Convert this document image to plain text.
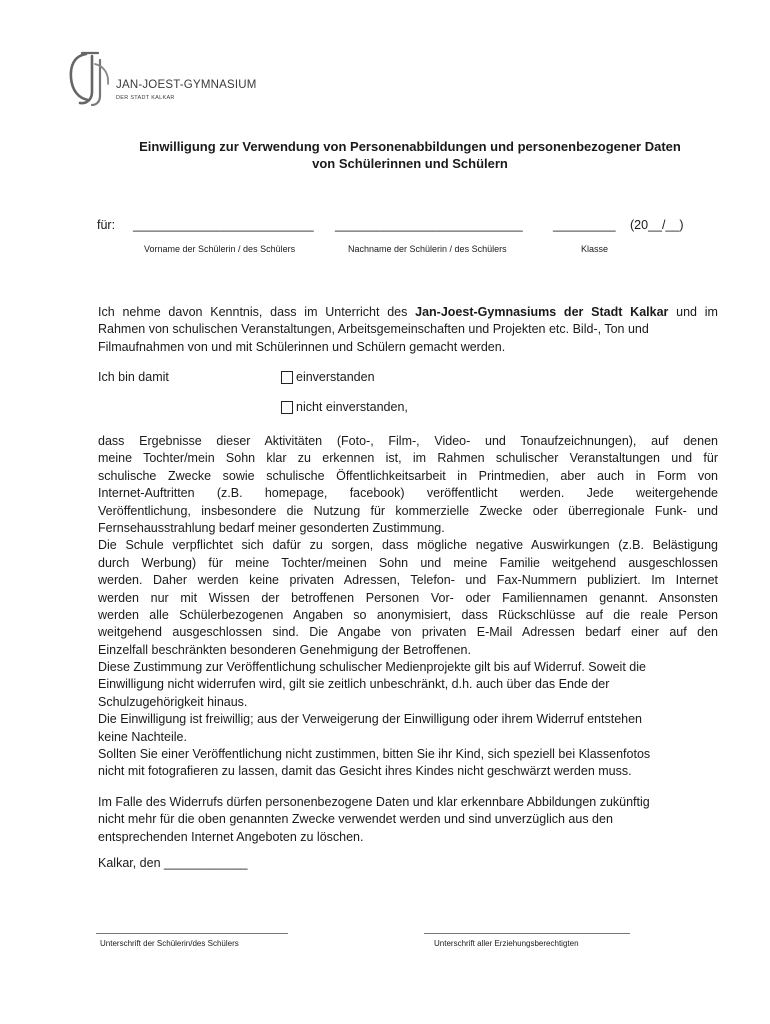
JAN-JOEST-GYMNASIUM
DER STADT KALKAR
Einwilligung zur Verwendung von Personenabbildungen und personenbezogener Daten
von Schülerinnen und Schülern
für: __________________________ ___________________________ _________ (20__/__)
Vorname der Schülerin / des Schülers	Nachname der Schülerin / des Schülers	Klasse
Ich nehme davon Kenntnis, dass im Unterricht des Jan-Joest-Gymnasiums der Stadt Kalkar und im
Rahmen von schulischen Veranstaltungen, Arbeitsgemeinschaften und Projekten etc. Bild-, Ton und
Filmaufnahmen von und mit Schülerinnen und Schülern gemacht werden.
Ich bin damit	einverstanden
nicht einverstanden,
dass Ergebnisse dieser Aktivitäten (Foto-, Film-, Video- und Tonaufzeichnungen), auf denen
meine Tochter/mein Sohn klar zu erkennen ist, im Rahmen schulischer Veranstaltungen und für
schulische Zwecke sowie schulische Öffentlichkeitsarbeit in Printmedien, aber auch in Form von
Internet-Auftritten (z.B. homepage, facebook) veröffentlicht werden. Jede weitergehende
Veröffentlichung, insbesondere die Nutzung für kommerzielle Zwecke oder überregionale Funk- und
Fernsehausstrahlung bedarf meiner gesonderten Zustimmung.
Die Schule verpflichtet sich dafür zu sorgen, dass mögliche negative Auswirkungen (z.B. Belästigung
durch Werbung) für meine Tochter/meinen Sohn und meine Familie weitgehend ausgeschlossen
werden. Daher werden keine privaten Adressen, Telefon- und Fax-Nummern publiziert. Im Internet
werden nur mit Wissen der betroffenen Personen Vor- oder Familiennamen genannt. Ansonsten
werden alle Schülerbezogenen Angaben so anonymisiert, dass Rückschlüsse auf die reale Person
weitgehend ausgeschlossen sind. Die Angabe von privaten E-Mail Adressen bedarf einer auf den
Einzelfall beschränkten besonderen Genehmigung der Betroffenen.
Diese Zustimmung zur Veröffentlichung schulischer Medienprojekte gilt bis auf Widerruf. Soweit die
Einwilligung nicht widerrufen wird, gilt sie zeitlich unbeschränkt, d.h. auch über das Ende der
Schulzugehörigkeit hinaus.
Die Einwilligung ist freiwillig; aus der Verweigerung der Einwilligung oder ihrem Widerruf entstehen
keine Nachteile.
Sollten Sie einer Veröffentlichung nicht zustimmen, bitten Sie ihr Kind, sich speziell bei Klassenfotos
nicht mit fotografieren zu lassen, damit das Gesicht ihres Kindes nicht geschwärzt werden muss.
Im Falle des Widerrufs dürfen personenbezogene Daten und klar erkennbare Abbildungen zukünftig
nicht mehr für die oben genannten Zwecke verwendet werden und sind unverzüglich aus den
entsprechenden Internet Angeboten zu löschen.
Kalkar, den ____________
Unterschrift der Schülerin/des Schülers	Unterschrift aller Erziehungsberechtigten
